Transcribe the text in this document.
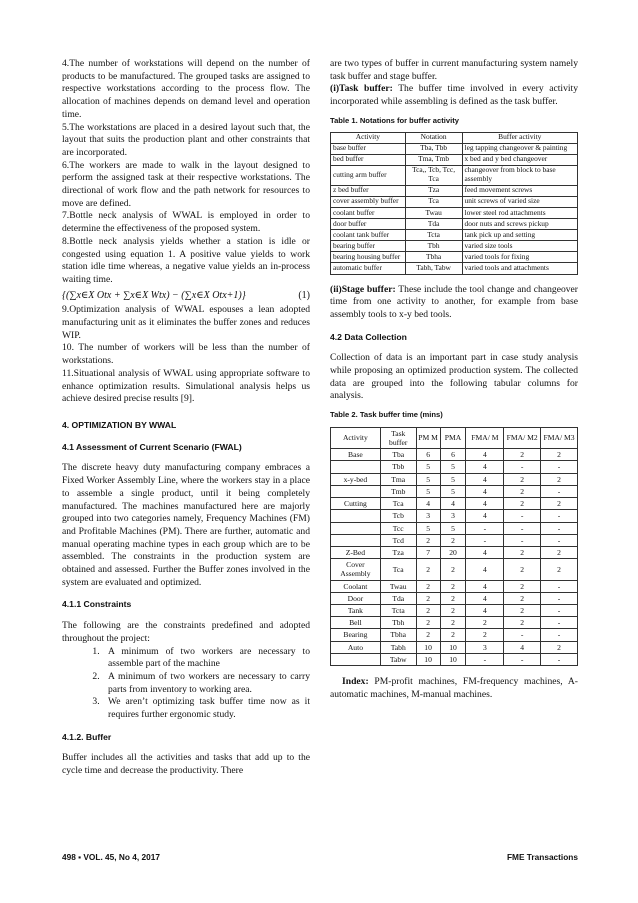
4.The number of workstations will depend on the number of products to be manufactured. The grouped tasks are assigned to respective workstations according to the process flow. The allocation of machines depends on demand level and operation time.

5.The workstations are placed in a desired layout such that, the layout that suits the production plant and other constraints that are incorporated.

6.The workers are made to walk in the layout designed to perform the assigned task at their respective workstations. The directional of work flow and the path network for resources to move are defined.

7.Bottle neck analysis of WWAL is employed in order to determine the effectiveness of the proposed system.

8.Bottle neck analysis yields whether a station is idle or congested using equation 1. A positive value yields to work station idle time whereas, a negative value yields an in-process waiting time.

{(∑x∈X Otx + ∑x∈X Wtx) − (∑x∈X Otx+1)}	(1)

9.Optimization analysis of WWAL espouses a lean adopted manufacturing unit as it eliminates the buffer zones and reduces WIP.

10. The number of workers will be less than the number of workstations.

11.Situational analysis of WWAL using appropriate software to enhance optimization results. Simulational analysis helps us achieve desired precise results [9].

4. OPTIMIZATION BY WWAL

4.1 Assessment of Current Scenario (FWAL)

The discrete heavy duty manufacturing company embraces a Fixed Worker Assembly Line, where the workers stay in a place to assemble a single product, until it being completely manufactured. The machines manufactured here are majorly grouped into two categories namely, Frequency Machines (FM) and Profitable Machines (PM). There are further, automatic and manual operating machine types in each group which are to be assembled. The constraints in the production system are obtained and assessed. Further the Buffer zones involved in the system are evaluated and optimized.

4.1.1 Constraints

The following are the constraints predefined and adopted throughout the project:

1. A minimum of two workers are necessary to assemble part of the machine
2. A minimum of two workers are necessary to carry parts from inventory to working area.
3. We aren’t optimizing task buffer time now as it requires further ergonomic study.

4.1.2. Buffer

Buffer includes all the activities and tasks that add up to the cycle time and decrease the productivity. There

are two types of buffer in current manufacturing system namely task buffer and stage buffer.

(i)Task buffer: The buffer time involved in every activity incorporated while assembling is defined as the task buffer.

Table 1. Notations for buffer activity

Activity	Notation	Buffer activity
base buffer	Tba, Tbb	leg tapping changeover & painting
bed buffer	Tma, Tmb	x bed and y bed changeover
cutting arm buffer	Tca,, Tcb, Tcc, Tca	changeover from block to base assembly
z bed buffer	Tza	feed movement screws
cover assembly buffer	Tca	unit screws of varied size
coolant buffer	Twau	lower steel rod attachments
door buffer	Tda	door nuts and screws pickup
coolant tank buffer	Tcta	tank pick up and setting
bearing buffer	Tbh	varied size tools
bearing housing buffer	Tbha	varied tools for fixing
automatic buffer	Tabh, Tabw	varied tools and attachments

(ii)Stage buffer: These include the tool change and changeover time from one activity to another, for example from base assembly tools to x-y bed tools.

4.2 Data Collection

Collection of data is an important part in case study analysis while proposing an optimized production system. The collected data are grouped into the following tabular columns for analysis.

Table 2. Task buffer time (mins)

Activity	Task buffer	PM M	PMA	FMA/ M	FMA/ M2	FMA/ M3
Base	Tba	6	6	4	2	2
	Tbb	5	5	4	-	-
x-y-bed	Tma	5	5	4	2	2
	Tmb	5	5	4	2	-
Cutting	Tca	4	4	4	2	2
	Tcb	3	3	4	-	-
	Tcc	5	5	-	-	-
	Tcd	2	2	-	-	-
Z-Bed	Tza	7	20	4	2	2
Cover Assembly	Tca	2	2	4	2	2
Coolant	Twau	2	2	4	2	-
Door	Tda	2	2	4	2	-
Tank	Tcta	2	2	4	2	-
Bell	Tbh	2	2	2	2	-
Bearing	Tbha	2	2	2	-	-
Auto	Tabh	10	10	3	4	2
	Tabw	10	10	-	-	-

Index: PM-profit machines, FM-frequency machines, A-automatic machines, M-manual machines.

498 ▪ VOL. 45, No 4, 2017	FME Transactions
